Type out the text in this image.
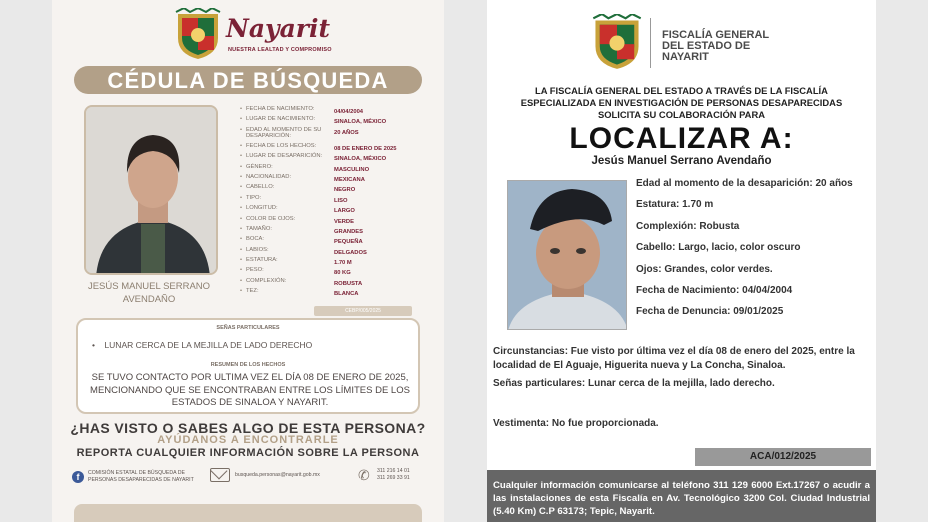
Nayarit
NUESTRA LEALTAD Y COMPROMISO
CÉDULA DE BÚSQUEDA
JESÚS MANUEL SERRANO
AVENDAÑO
• FECHA DE NACIMIENTO:	04/04/2004
• LUGAR DE NACIMIENTO:	SINALOA, MÉXICO
• EDAD AL MOMENTO DE SU DESAPARICIÓN:
20 AÑOS
• FECHA DE LOS HECHOS:	08 DE ENERO DE 2025
• LUGAR DE DESAPARICIÓN:	SINALOA, MÉXICO
• GÉNERO:	MASCULINO
• NACIONALIDAD:	MEXICANA
• CABELLO:	NEGRO
• TIPO:	LISO
• LONGITUD:	LARGO
• COLOR DE OJOS:	VERDE
• TAMAÑO:	GRANDES
• BOCA:	PEQUEÑA
• LABIOS:	DELGADOS
• ESTATURA:	1.70 M
• PESO:	80 KG
• COMPLEXIÓN:	ROBUSTA
• TEZ:	BLANCA
CEBP/005/2025
SEÑAS PARTICULARES
•    LUNAR CERCA DE LA MEJILLA DE LADO DERECHO
RESUMEN DE LOS HECHOS
SE TUVO CONTACTO POR ULTIMA VEZ EL DÍA 08 DE ENERO DE 2025, MENCIONANDO QUE SE ENCONTRABAN ENTRE LOS LÍMITES DE LOS ESTADOS DE SINALOA Y NAYARIT.
¿HAS VISTO O SABES ALGO DE ESTA PERSONA?
AYÚDANOS A ENCONTRARLE
REPORTA CUALQUIER INFORMACIÓN SOBRE LA PERSONA
f	COMISIÓN ESTATAL DE BÚSQUEDA DE
PERSONAS DESAPARECIDAS DE NAYARIT
busqueda.personas@nayarit.gob.mx	✆	311 216 14 01
311 269 33 91
FISCALÍA GENERAL
DEL ESTADO DE
NAYARIT
LA FISCALÍA GENERAL DEL ESTADO A TRAVÉS DE LA FISCALÍA
ESPECIALIZADA EN INVESTIGACIÓN DE PERSONAS DESAPARECIDAS
SOLICITA SU COLABORACIÓN PARA
LOCALIZAR A:
Jesús Manuel Serrano Avendaño
Edad al momento de la desaparición: 20 años
Estatura: 1.70 m
Complexión: Robusta
Cabello: Largo, lacio, color oscuro
Ojos: Grandes, color verdes.
Fecha de Nacimiento: 04/04/2004
Fecha de Denuncia: 09/01/2025
Circunstancias: Fue visto por última vez el día 08 de enero del 2025, entre la localidad de El Aguaje, Higuerita nueva y La Concha, Sinaloa.
Señas particulares: Lunar cerca de la mejilla, lado derecho.
Vestimenta: No fue proporcionada.
ACA/012/2025
Cualquier información comunicarse al teléfono 311 129 6000 Ext.17267 o acudir a las instalaciones de esta Fiscalía en Av. Tecnológico 3200 Col. Ciudad Industrial (5.40 Km) C.P 63173; Tepic, Nayarit.
